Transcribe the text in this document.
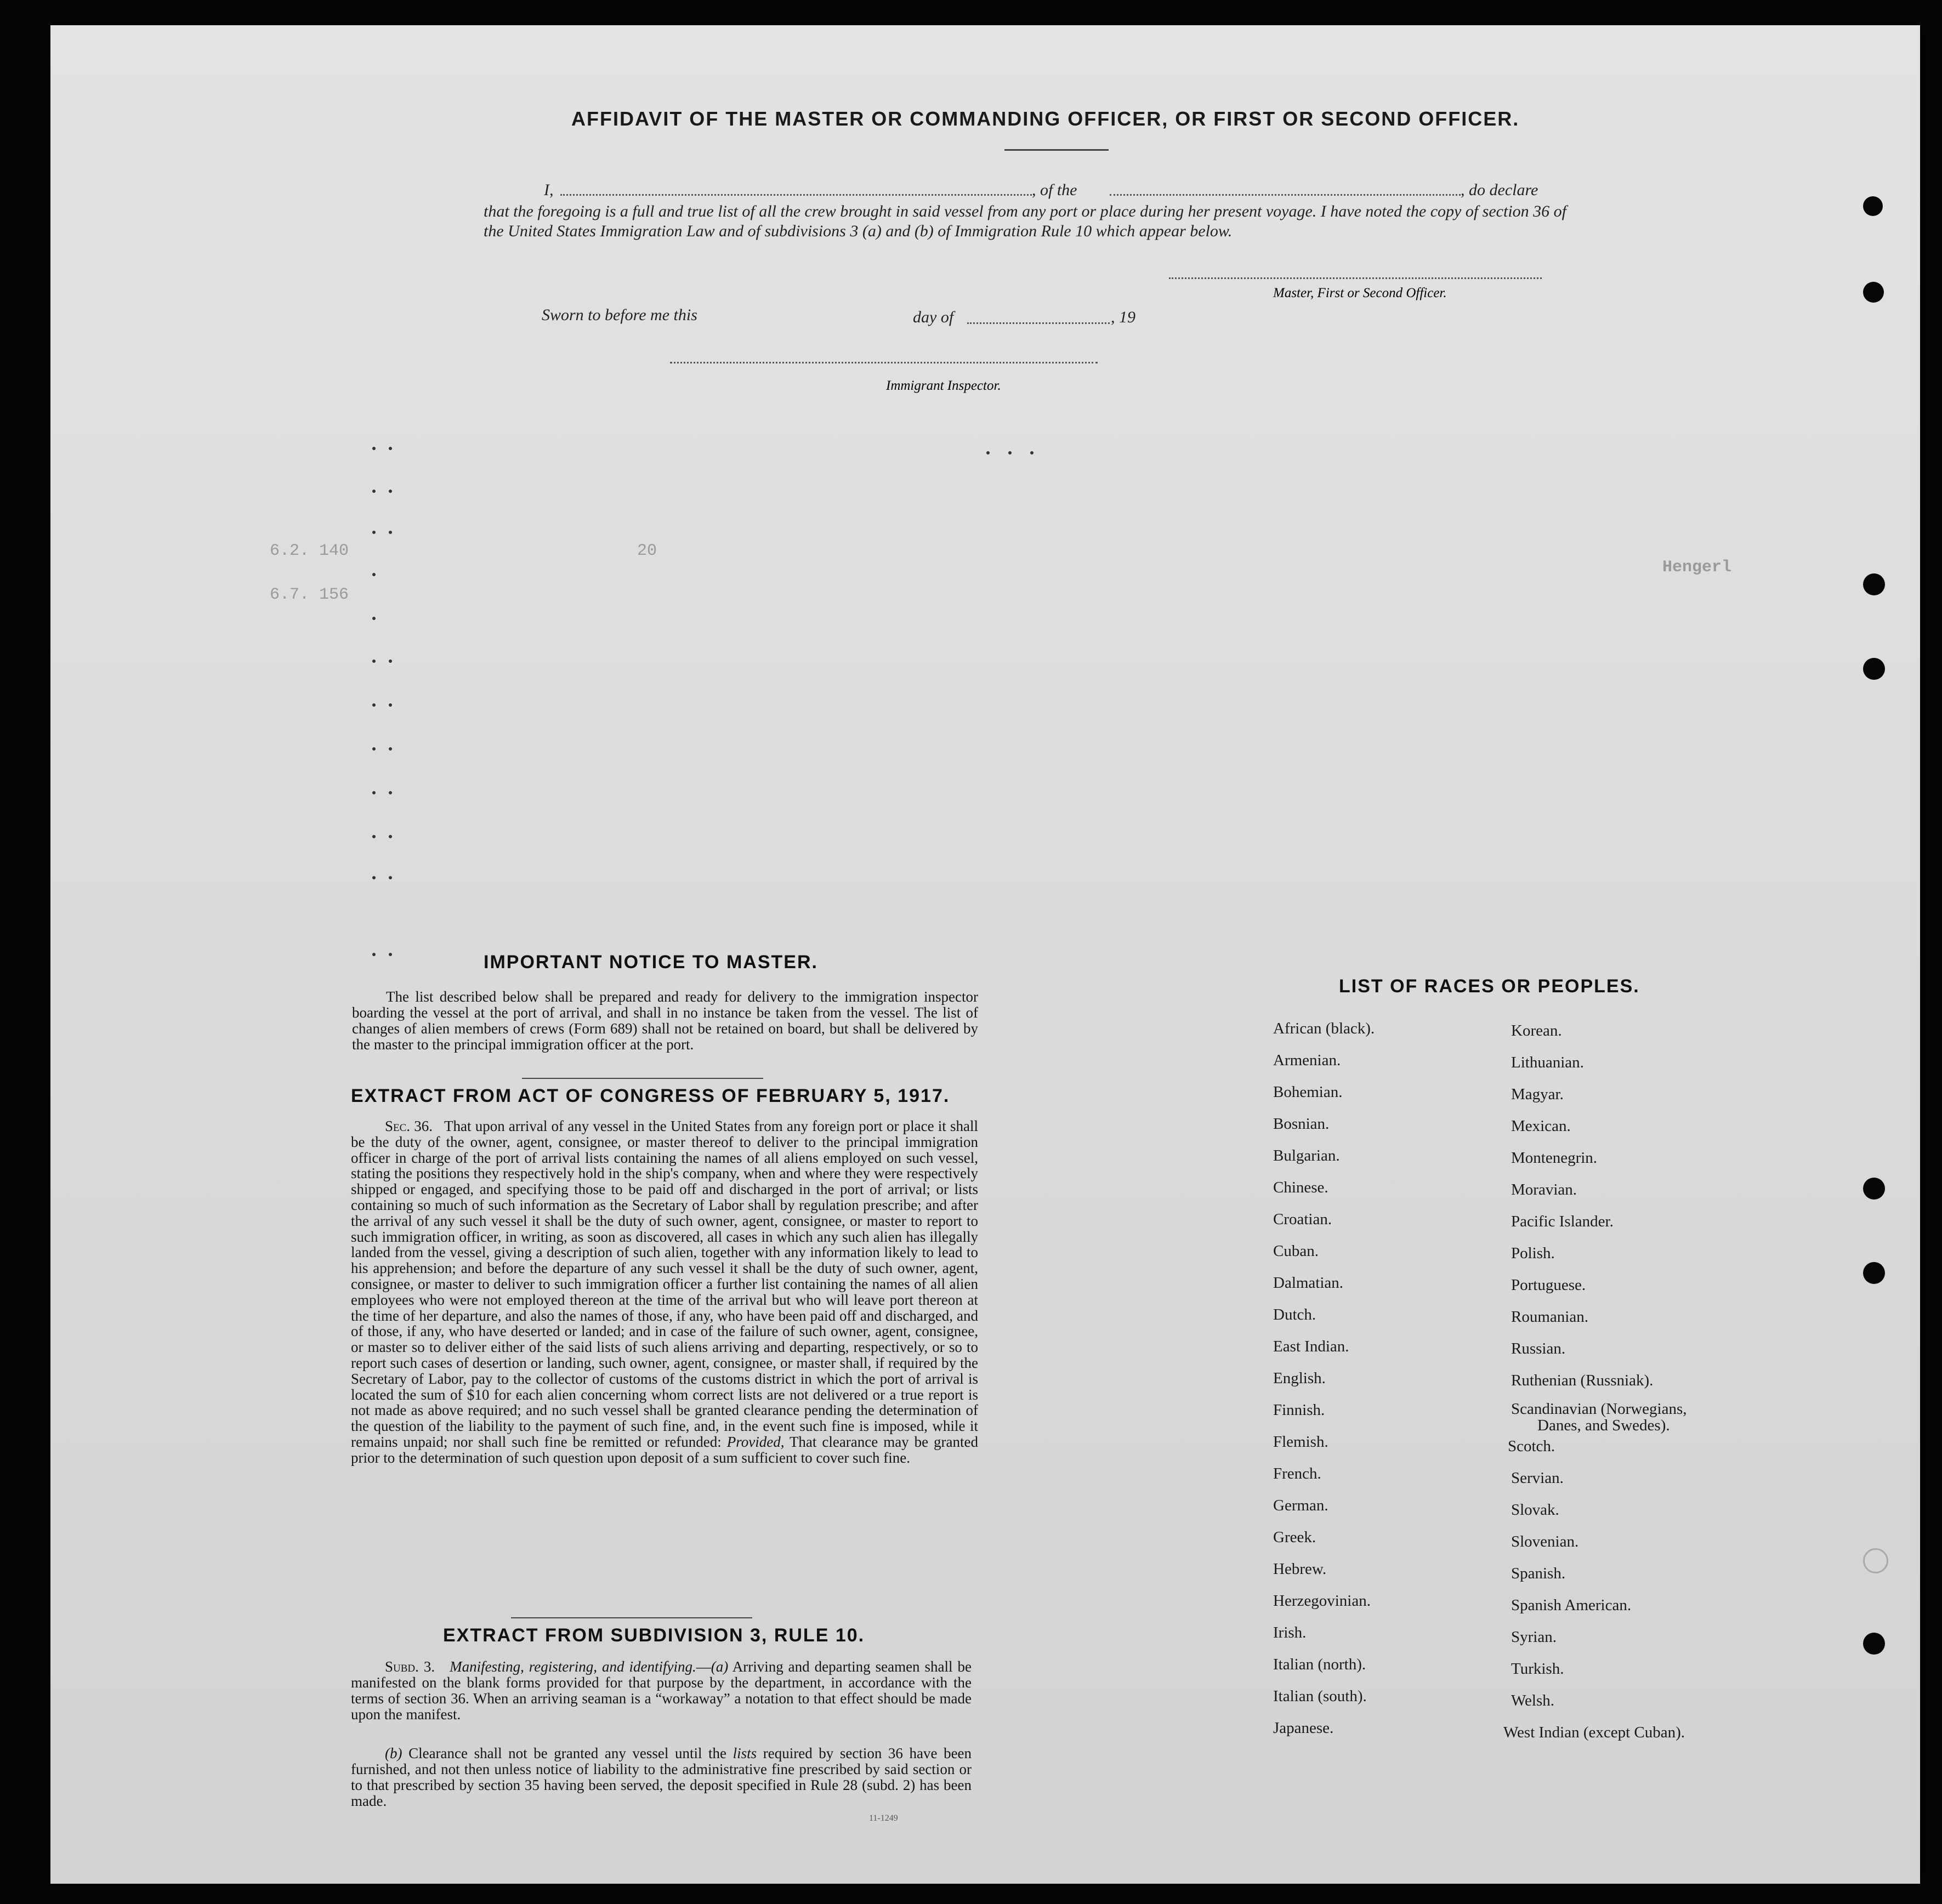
AFFIDAVIT OF THE MASTER OR COMMANDING OFFICER, OR FIRST OR SECOND OFFICER.
I,	, of the	, do declare
that the foregoing is a full and true list of all the crew brought in said vessel from any port or place during her present voyage. I have noted the copy of section 36 of the United States Immigration Law and of subdivisions 3 (a) and (b) of Immigration Rule 10 which appear below.
Master, First or Second Officer.
Sworn to before me this	day of	, 19
Immigrant Inspector.
6.2. 140
6.7. 156
20
Hengerl
IMPORTANT NOTICE TO MASTER.
The list described below shall be prepared and ready for delivery to the immigration inspector boarding the vessel at the port of arrival, and shall in no instance be taken from the vessel. The list of changes of alien members of crews (Form 689) shall not be retained on board, but shall be delivered by the master to the principal immigration officer at the port.
EXTRACT FROM ACT OF CONGRESS OF FEBRUARY 5, 1917.
Sec. 36. That upon arrival of any vessel in the United States from any foreign port or place it shall be the duty of the owner, agent, consignee, or master thereof to deliver to the principal immigration officer in charge of the port of arrival lists containing the names of all aliens employed on such vessel, stating the positions they respectively hold in the ship's company, when and where they were respectively shipped or engaged, and specifying those to be paid off and discharged in the port of arrival; or lists containing so much of such information as the Secretary of Labor shall by regulation prescribe; and after the arrival of any such vessel it shall be the duty of such owner, agent, consignee, or master to report to such immigration officer, in writing, as soon as discovered, all cases in which any such alien has illegally landed from the vessel, giving a description of such alien, together with any information likely to lead to his apprehension; and before the departure of any such vessel it shall be the duty of such owner, agent, consignee, or master to deliver to such immigration officer a further list containing the names of all alien employees who were not employed thereon at the time of the arrival but who will leave port thereon at the time of her departure, and also the names of those, if any, who have been paid off and discharged, and of those, if any, who have deserted or landed; and in case of the failure of such owner, agent, consignee, or master so to deliver either of the said lists of such aliens arriving and departing, respectively, or so to report such cases of desertion or landing, such owner, agent, consignee, or master shall, if required by the Secretary of Labor, pay to the collector of customs of the customs district in which the port of arrival is located the sum of $10 for each alien concerning whom correct lists are not delivered or a true report is not made as above required; and no such vessel shall be granted clearance pending the determination of the question of the liability to the payment of such fine, and, in the event such fine is imposed, while it remains unpaid; nor shall such fine be remitted or refunded: Provided, That clearance may be granted prior to the determination of such question upon deposit of a sum sufficient to cover such fine.
EXTRACT FROM SUBDIVISION 3, RULE 10.
Subd. 3. Manifesting, registering, and identifying.—(a) Arriving and departing seamen shall be manifested on the blank forms provided for that purpose by the department, in accordance with the terms of section 36. When an arriving seaman is a “workaway” a notation to that effect should be made upon the manifest.
(b) Clearance shall not be granted any vessel until the lists required by section 36 have been furnished, and not then unless notice of liability to the administrative fine prescribed by said section or to that prescribed by section 35 having been served, the deposit specified in Rule 28 (subd. 2) has been made.
11-1249
LIST OF RACES OR PEOPLES.
African (black).
Armenian.
Bohemian.
Bosnian.
Bulgarian.
Chinese.
Croatian.
Cuban.
Dalmatian.
Dutch.
East Indian.
English.
Finnish.
Flemish.
French.
German.
Greek.
Hebrew.
Herzegovinian.
Irish.
Italian (north).
Italian (south).
Japanese.
Korean.
Lithuanian.
Magyar.
Mexican.
Montenegrin.
Moravian.
Pacific Islander.
Polish.
Portuguese.
Roumanian.
Russian.
Ruthenian (Russniak).
Scandinavian (Norwegians,
Danes, and Swedes).
Scotch.
Servian.
Slovak.
Slovenian.
Spanish.
Spanish American.
Syrian.
Turkish.
Welsh.
West Indian (except Cuban).
